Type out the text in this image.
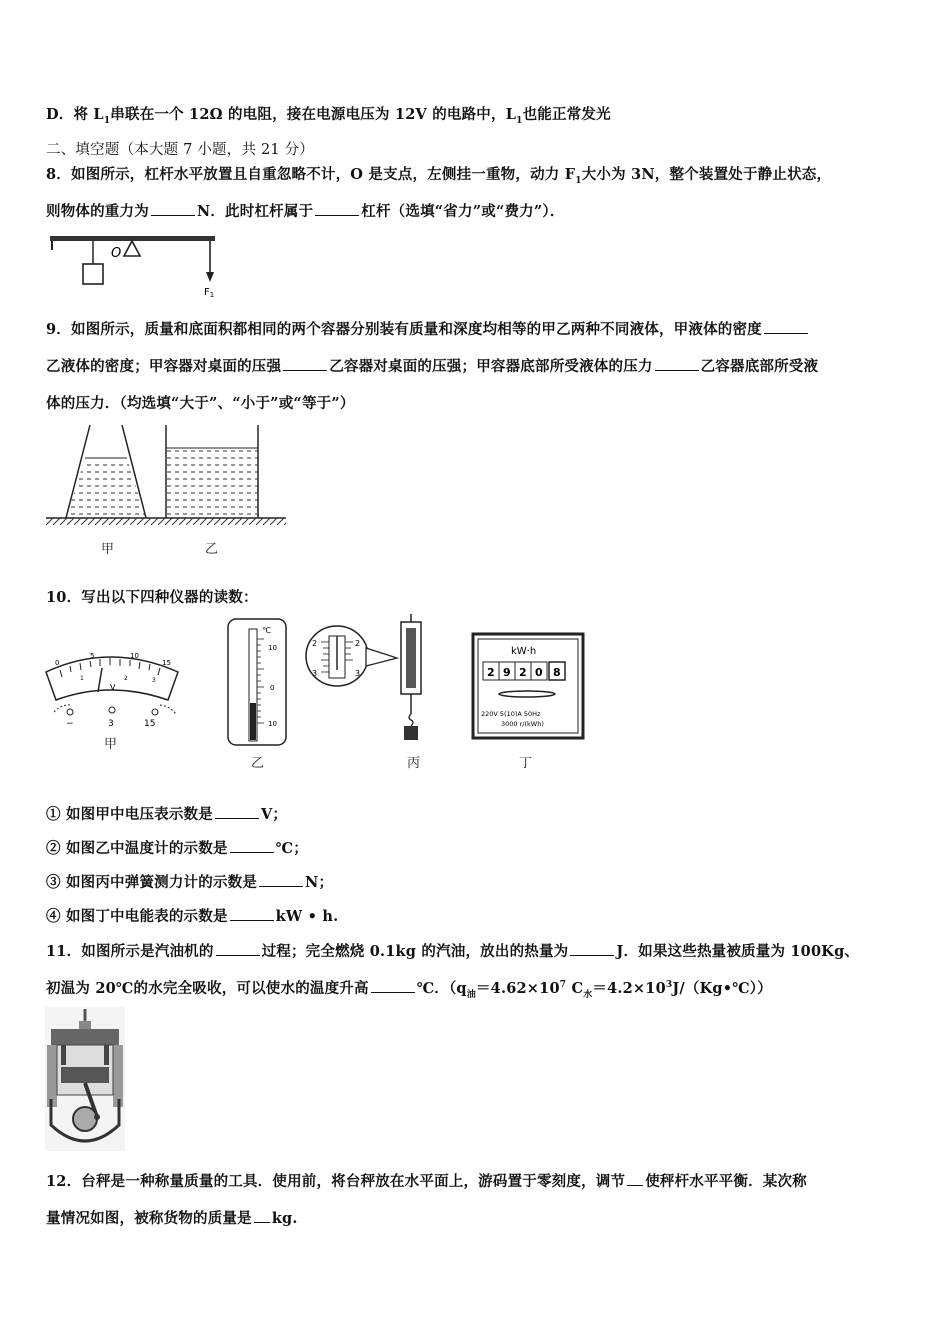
D．将 $L_1$串联在一个 12Ω 的电阻，接在电源电压为 12V 的电路中，$L_1$也能正常发光
二、填空题（本大题 7 小题，共 21 分）
8．如图所示，杠杆水平放置且自重忽略不计，O 是支点，左侧挂一重物，动力 $F_1$大小为 3N，整个装置处于静止状态，
则物体的重力为	N．此时杠杆属于	杠杆（选填“省力”或“费力”）．
O
$F_1$
9．如图所示，质量和底面积都相同的两个容器分别装有质量和深度均相等的甲乙两种不同液体，甲液体的密度
乙液体的密度；甲容器对桌面的压强	乙容器对桌面的压强；甲容器底部所受液体的压力	乙容器底部所受液
体的压力．（均选填“大于”、“小于”或“等于”）
甲	乙
10．写出以下四种仪器的读数：
0
5	10
15
1	2	3
V
−	3	15
甲
℃
10
0
10
乙
2
3
2
3
丙
kW·h
2 9 2 0 8
220V 5(10)A 50Hz
3000 r/(kWh)
丁
① 如图甲中电压表示数是	V；
② 如图乙中温度计的示数是	℃；
③ 如图丙中弹簧测力计的示数是	N；
④ 如图丁中电能表的示数是	kW • h.
11．如图所示是汽油机的	过程；完全燃烧 0.1kg 的汽油，放出的热量为	J．如果这些热量被质量为 100Kg、
初温为 20℃的水完全吸收，可以使水的温度升高	℃．（$q_油=4.62\times 10^7$ $C_水=4.2\times 10^3J/(Kg•℃)$）
12．台秤是一种称量质量的工具．使用前，将台秤放在水平面上，游码置于零刻度，调节 使秤杆水平平衡．某次称
量情况如图，被称货物的质量是 kg.
